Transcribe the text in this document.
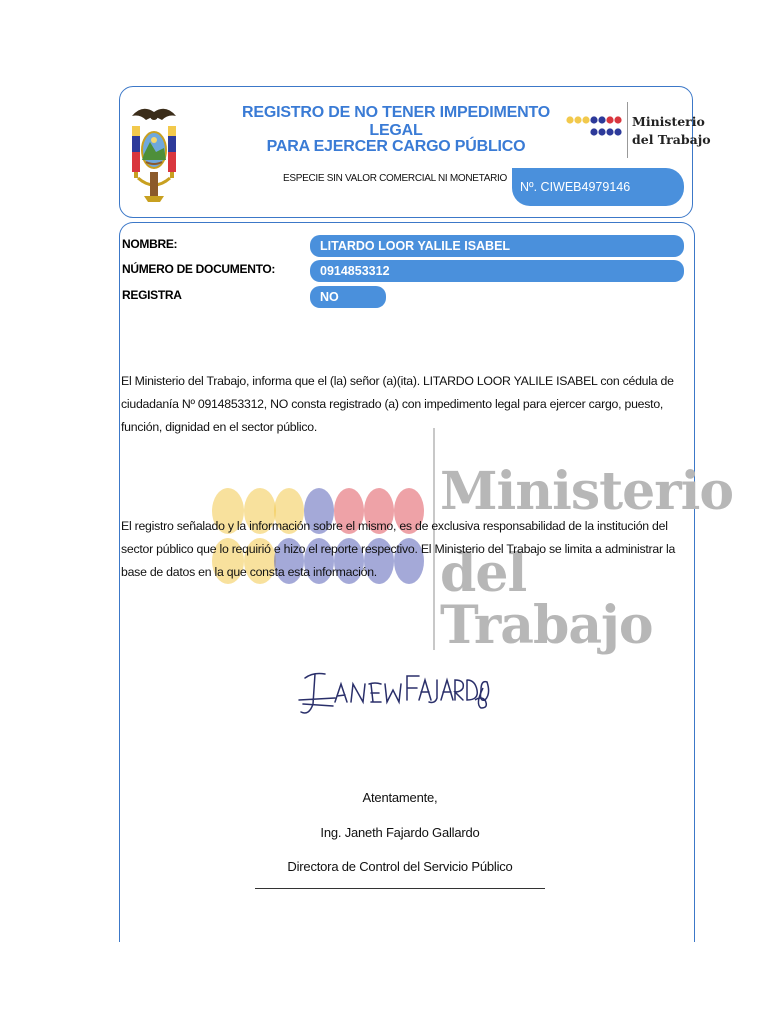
REGISTRO DE NO TENER IMPEDIMENTO LEGAL
PARA EJERCER CARGO PÚBLICO
ESPECIE SIN VALOR COMERCIAL NI MONETARIO
Ministerio
del Trabajo
Nº. CIWEB4979146
NOMBRE:	LITARDO LOOR YALILE ISABEL
NÚMERO DE DOCUMENTO:	0914853312
REGISTRA	NO
Ministerio
del Trabajo
El Ministerio del Trabajo, informa que el (la) señor (a)(ita). LITARDO LOOR YALILE ISABEL con cédula de ciudadanía Nº 0914853312, NO consta registrado (a) con impedimento legal para ejercer cargo, puesto, función, dignidad en el sector público.
El registro señalado y la información sobre el mismo, es de exclusiva responsabilidad de la institución del sector público que lo requirió e hizo el reporte respectivo. El Ministerio del Trabajo se limita a administrar la base de datos en la que consta esta información.
Atentamente,
Ing. Janeth Fajardo Gallardo
Directora de Control del Servicio Público
